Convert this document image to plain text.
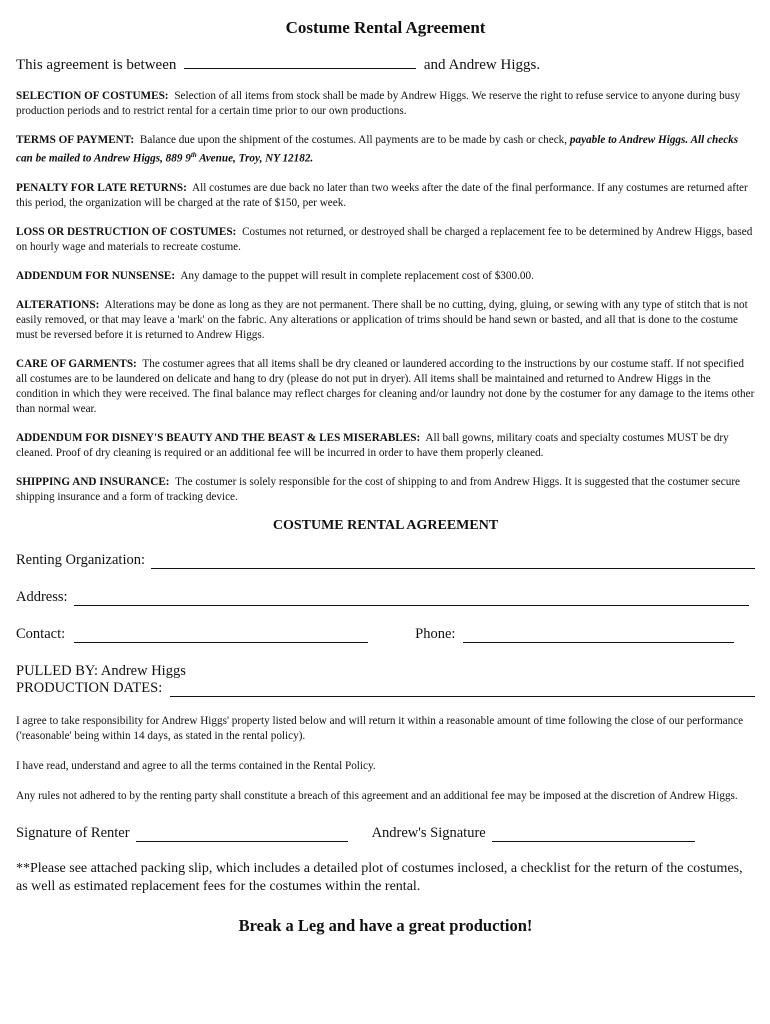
Costume Rental Agreement
This agreement is between	and Andrew Higgs.
SELECTION OF COSTUMES: Selection of all items from stock shall be made by Andrew Higgs. We reserve the right to refuse service to anyone during busy production periods and to restrict rental for a certain time prior to our own productions.
TERMS OF PAYMENT: Balance due upon the shipment of the costumes. All payments are to be made by cash or check, payable to Andrew Higgs. All checks can be mailed to Andrew Higgs, 889 9th Avenue, Troy, NY 12182.
PENALTY FOR LATE RETURNS: All costumes are due back no later than two weeks after the date of the final performance. If any costumes are returned after this period, the organization will be charged at the rate of $150, per week.
LOSS OR DESTRUCTION OF COSTUMES: Costumes not returned, or destroyed shall be charged a replacement fee to be determined by Andrew Higgs, based on hourly wage and materials to recreate costume.
ADDENDUM FOR NUNSENSE: Any damage to the puppet will result in complete replacement cost of $300.00.
ALTERATIONS: Alterations may be done as long as they are not permanent. There shall be no cutting, dying, gluing, or sewing with any type of stitch that is not easily removed, or that may leave a 'mark' on the fabric. Any alterations or application of trims should be hand sewn or basted, and all that is done to the costume must be reversed before it is returned to Andrew Higgs.
CARE OF GARMENTS: The costumer agrees that all items shall be dry cleaned or laundered according to the instructions by our costume staff. If not specified all costumes are to be laundered on delicate and hang to dry (please do not put in dryer). All items shall be maintained and returned to Andrew Higgs in the condition in which they were received. The final balance may reflect charges for cleaning and/or laundry not done by the costumer for any damage to the items other than normal wear.
ADDENDUM FOR DISNEY'S BEAUTY AND THE BEAST & LES MISERABLES: All ball gowns, military coats and specialty costumes MUST be dry cleaned. Proof of dry cleaning is required or an additional fee will be incurred in order to have them properly cleaned.
SHIPPING AND INSURANCE: The costumer is solely responsible for the cost of shipping to and from Andrew Higgs. It is suggested that the costumer secure shipping insurance and a form of tracking device.
COSTUME RENTAL AGREEMENT
Renting Organization:
Address:
Contact:	Phone:
PULLED BY: Andrew Higgs
PRODUCTION DATES:
I agree to take responsibility for Andrew Higgs' property listed below and will return it within a reasonable amount of time following the close of our performance ('reasonable' being within 14 days, as stated in the rental policy).
I have read, understand and agree to all the terms contained in the Rental Policy.
Any rules not adhered to by the renting party shall constitute a breach of this agreement and an additional fee may be imposed at the discretion of Andrew Higgs.
Signature of Renter	Andrew's Signature
**Please see attached packing slip, which includes a detailed plot of costumes inclosed, a checklist for the return of the costumes, as well as estimated replacement fees for the costumes within the rental.
Break a Leg and have a great production!
